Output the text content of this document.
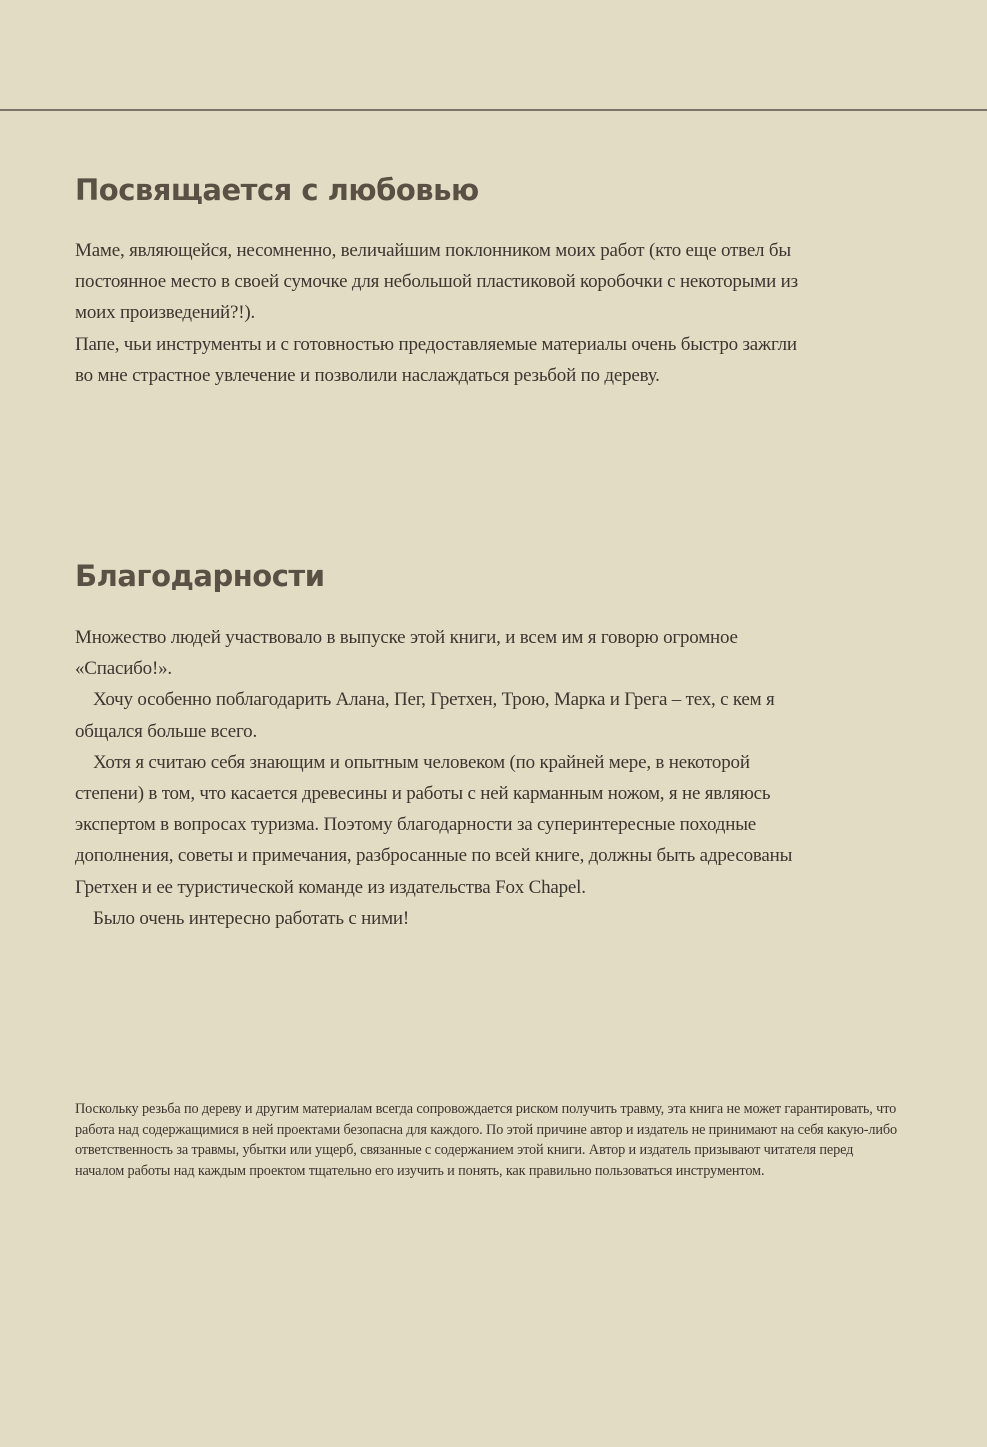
Посвящается с любовью

Маме, являющейся, несомненно, величайшим поклонником моих работ (кто еще отвел бы постоянное место в своей сумочке для небольшой пластиковой коробочки с некоторыми из моих произведений?!).

Папе, чьи инструменты и с готовностью предоставляемые материалы очень быстро зажгли во мне страстное увлечение и позволили наслаждаться резьбой по дереву.

Благодарности

Множество людей участвовало в выпуске этой книги, и всем им я говорю огромное «Спасибо!».

Хочу особенно поблагодарить Алана, Пег, Гретхен, Трою, Марка и Грега – тех, с кем я общался больше всего.

Хотя я считаю себя знающим и опытным человеком (по крайней мере, в некоторой степени) в том, что касается древесины и работы с ней карманным ножом, я не являюсь экспертом в вопросах туризма. Поэтому благодарности за суперинтересные походные дополнения, советы и примечания, разбросанные по всей книге, должны быть адресованы Гретхен и ее туристической команде из издательства Fox Chapel.

Было очень интересно работать с ними!

Поскольку резьба по дереву и другим материалам всегда сопровождается риском получить травму, эта книга не может гарантировать, что работа над содержащимися в ней проектами безопасна для каждого. По этой причине автор и издатель не принимают на себя какую-либо ответственность за травмы, убытки или ущерб, связанные с содержанием этой книги. Автор и издатель призывают читателя перед началом работы над каждым проектом тщательно его изучить и понять, как правильно пользоваться инструментом.
